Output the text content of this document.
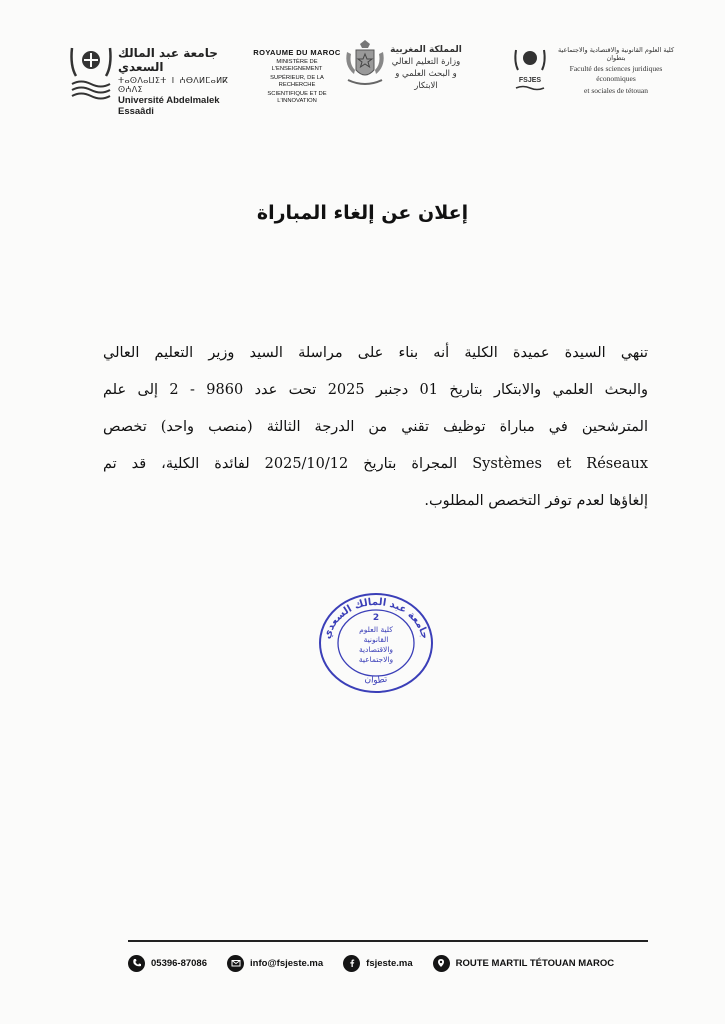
جامعة عبد المالك السعدي
ⵜⴰⵙⴷⴰⵡⵉⵜ ⵏ ⵄⴱⴷⵍⵎⴰⵍⴽ ⵙⵄⴷⵉ
Université Abdelmalek Essaâdi
ROYAUME DU MAROC
MINISTÈRE DE L'ENSEIGNEMENT
SUPÉRIEUR, DE LA RECHERCHE
SCIENTIFIQUE ET DE L'INNOVATION
المملكة المغربية
وزارة التعليم العالي
و البحث العلمي و الابتكار
FSJES
كلية العلوم القانونية والاقتصادية والاجتماعية بتطوان
Faculté des sciences juridiques économiques
et sociales de tétouan
إعلان عن إلغاء المباراة
تنهي السيدة عميدة الكلية أنه بناء على مراسلة السيد وزير التعليم العالي
والبحث العلمي والابتكار بتاريخ 01 دجنبر 2025 تحت عدد 9860 - 2 إلى علم
المترشحين في مباراة توظيف تقني من الدرجة الثالثة (منصب واحد) تخصص
Systèmes et Réseaux المجراة بتاريخ 2025/10/12 لفائدة الكلية، قد تم
إلغاؤها لعدم توفر التخصص المطلوب.
جامعة عبد المالك السعدي
تطوان
2
كلية العلوم
القانونية
والاقتصادية
والاجتماعية
05396-87086	info@fsjeste.ma	fsjeste.ma	ROUTE MARTIL TÉTOUAN MAROC
